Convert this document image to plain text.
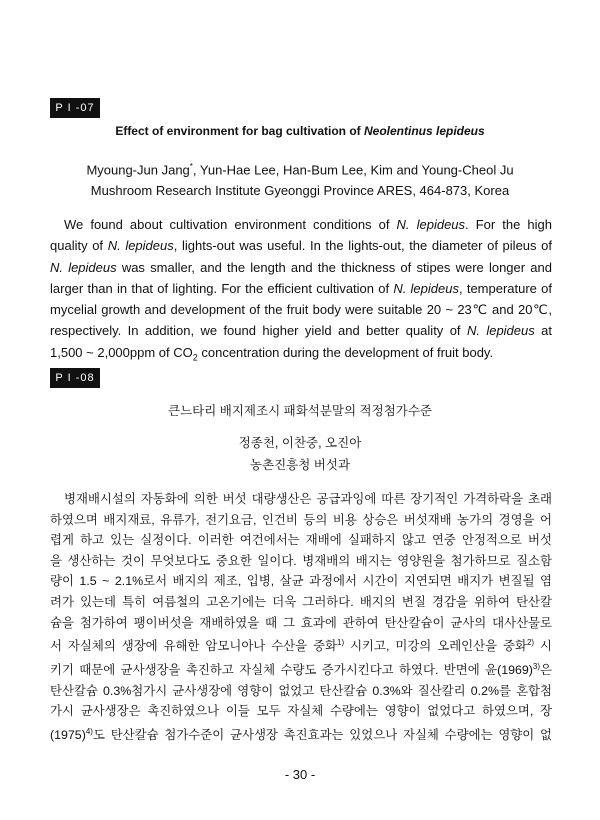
P I -07
Effect of environment for bag cultivation of Neolentinus lepideus
Myoung-Jun Jang*, Yun-Hae Lee, Han-Bum Lee, Kim and Young-Cheol Ju
Mushroom Research Institute Gyeonggi Province ARES, 464-873, Korea

We found about cultivation environment conditions of N. lepideus. For the high quality of N. lepideus, lights-out was useful. In the lights-out, the diameter of pileus of N. lepideus was smaller, and the length and the thickness of stipes were longer and larger than in that of lighting. For the efficient cultivation of N. lepideus, temperature of mycelial growth and development of the fruit body were suitable 20 ~ 23℃ and 20℃, respectively. In addition, we found higher yield and better quality of N. lepideus at 1,500 ~ 2,000ppm of $CO_2$ concentration during the development of fruit body.

P I -08
큰느타리 배지제조시 패화석분말의 적정첨가수준
정종천, 이찬중, 오진아
농촌진흥청 버섯과
병재배시설의 자동화에 의한 버섯 대량생산은 공급과잉에 따른 장기적인 가격하락을 초래
하였으며 배지재료, 유류가, 전기요금, 인건비 등의 비용 상승은 버섯재배 농가의 경영을 어
렵게 하고 있는 실정이다. 이러한 여건에서는 재배에 실패하지 않고 연중 안정적으로 버섯
을 생산하는 것이 무엇보다도 중요한 일이다. 병재배의 배지는 영양원을 첨가하므로 질소함
량이 1.5 ~ 2.1%로서 배지의 제조, 입병, 살균 과정에서 시간이 지연되면 배지가 변질될 염
려가 있는데 특히 여름철의 고온기에는 더욱 그러하다. 배지의 변질 경감을 위하여 탄산칼
슘을 첨가하여 팽이버섯을 재배하였을 때 그 효과에 관하여 탄산칼슘이 균사의 대사산물로
서 자실체의 생장에 유해한 암모니아나 수산을 중화$^{1)}$ 시키고, 미강의 오레인산을 중화$^{2)}$ 시
키기 때문에 균사생장을 촉진하고 자실체 수량도 증가시킨다고 하였다. 반면에 윤$(1969)^{3)}$은
탄산칼슘 0.3%첨가시 균사생장에 영향이 없었고 탄산칼슘 0.3%와 질산칼리 0.2%를 혼합첨
가시 균사생장은 촉진하였으나 이들 모두 자실체 수량에는 영향이 없었다고 하였으며, 장
$(1975)^{4)}$도 탄산칼슘 첨가수준이 균사생장 촉진효과는 있었으나 자실체 수량에는 영향이 없
- 30 -
